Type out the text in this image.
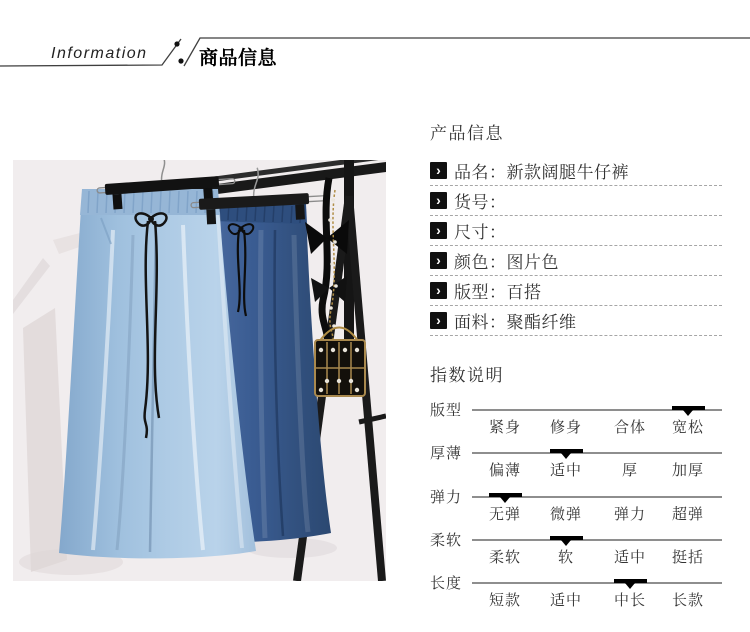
Information	商品信息
产品信息
› 品名： 新款阔腿牛仔裤
› 货号：
› 尺寸：
› 颜色： 图片色
› 版型： 百搭
› 面料： 聚酯纤维
指数说明
版型
紧身	修身	合体	宽松
厚薄
偏薄	适中	厚	加厚
弹力
无弹	微弹	弹力	超弹
柔软
柔软	软	适中	挺括
长度
短款	适中	中长	长款
